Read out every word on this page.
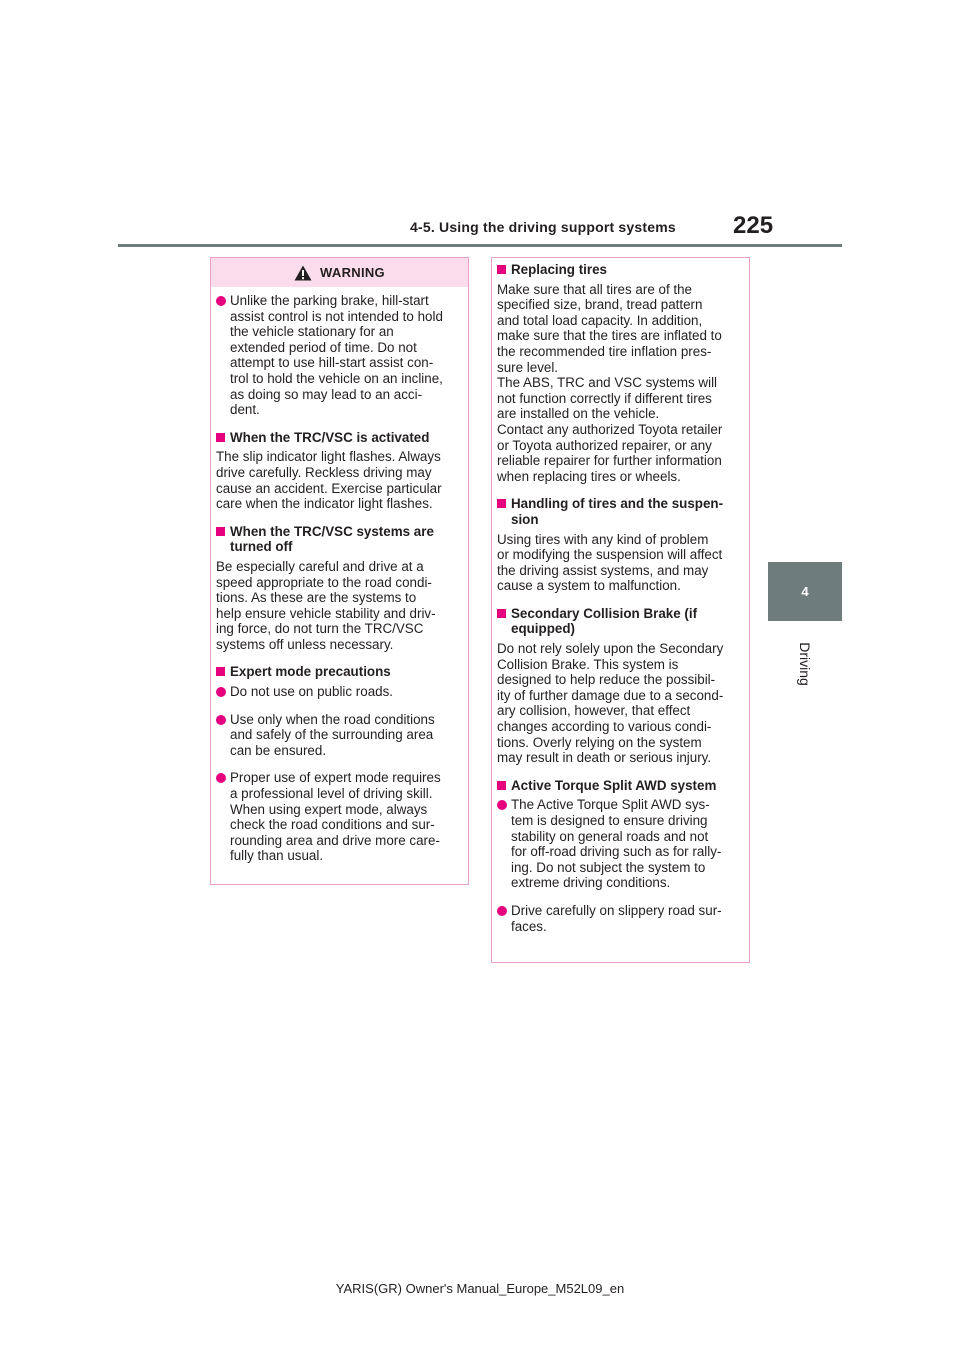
4-5. Using the driving support systems 225
4
Driving
WARNING
Unlike the parking brake, hill-start
assist control is not intended to hold
the vehicle stationary for an
extended period of time. Do not
attempt to use hill-start assist con-
trol to hold the vehicle on an incline,
as doing so may lead to an acci-
dent.
When the TRC/VSC is activated
The slip indicator light flashes. Always
drive carefully. Reckless driving may
cause an accident. Exercise particular
care when the indicator light flashes.
When the TRC/VSC systems are
turned off
Be especially careful and drive at a
speed appropriate to the road condi-
tions. As these are the systems to
help ensure vehicle stability and driv-
ing force, do not turn the TRC/VSC
systems off unless necessary.
Expert mode precautions
Do not use on public roads.
Use only when the road conditions
and safely of the surrounding area
can be ensured.
Proper use of expert mode requires
a professional level of driving skill.
When using expert mode, always
check the road conditions and sur-
rounding area and drive more care-
fully than usual.
Replacing tires
Make sure that all tires are of the
specified size, brand, tread pattern
and total load capacity. In addition,
make sure that the tires are inflated to
the recommended tire inflation pres-
sure level.
The ABS, TRC and VSC systems will
not function correctly if different tires
are installed on the vehicle.
Contact any authorized Toyota retailer
or Toyota authorized repairer, or any
reliable repairer for further information
when replacing tires or wheels.
Handling of tires and the suspen-
sion
Using tires with any kind of problem
or modifying the suspension will affect
the driving assist systems, and may
cause a system to malfunction.
Secondary Collision Brake (if
equipped)
Do not rely solely upon the Secondary
Collision Brake. This system is
designed to help reduce the possibil-
ity of further damage due to a second-
ary collision, however, that effect
changes according to various condi-
tions. Overly relying on the system
may result in death or serious injury.
Active Torque Split AWD system
The Active Torque Split AWD sys-
tem is designed to ensure driving
stability on general roads and not
for off-road driving such as for rally-
ing. Do not subject the system to
extreme driving conditions.
Drive carefully on slippery road sur-
faces.
YARIS(GR) Owner's Manual_Europe_M52L09_en
